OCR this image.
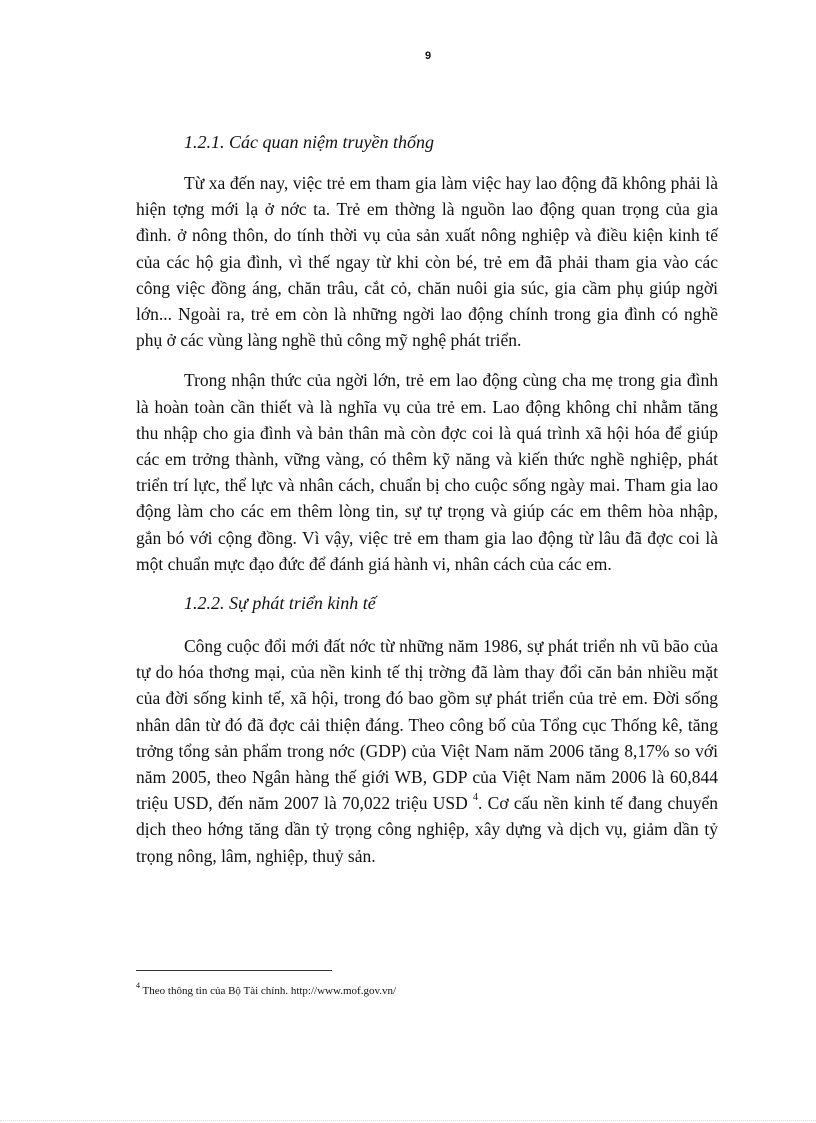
9
1.2.1. Các quan niệm truyền thống

Từ xa đến nay, việc trẻ em tham gia làm việc hay lao động đã không phải là hiện tợng mới lạ ở nớc ta. Trẻ em thờng là nguồn lao động quan trọng của gia đình. ở nông thôn, do tính thời vụ của sản xuất nông nghiệp và điều kiện kinh tế của các hộ gia đình, vì thế ngay từ khi còn bé, trẻ em đã phải tham gia vào các công việc đồng áng, chăn trâu, cắt cỏ, chăn nuôi gia súc, gia cầm phụ giúp ngời lớn... Ngoài ra, trẻ em còn là những ngời lao động chính trong gia đình có nghề phụ ở các vùng làng nghề thủ công mỹ nghệ phát triển.

Trong nhận thức của ngời lớn, trẻ em lao động cùng cha mẹ trong gia đình là hoàn toàn cần thiết và là nghĩa vụ của trẻ em. Lao động không chỉ nhằm tăng thu nhập cho gia đình và bản thân mà còn đợc coi là quá trình xã hội hóa để giúp các em trởng thành, vững vàng, có thêm kỹ năng và kiến thức nghề nghiệp, phát triển trí lực, thể lực và nhân cách, chuẩn bị cho cuộc sống ngày mai. Tham gia lao động làm cho các em thêm lòng tin, sự tự trọng và giúp các em thêm hòa nhập, gắn bó với cộng đồng. Vì vậy, việc trẻ em tham gia lao động từ lâu đã đợc coi là một chuẩn mực đạo đức để đánh giá hành vi, nhân cách của các em.

1.2.2. Sự phát triển kinh tế

Công cuộc đổi mới đất nớc từ những năm 1986, sự phát triển nh vũ bão của tự do hóa thơng mại, của nền kinh tế thị trờng đã làm thay đổi căn bản nhiều mặt của đời sống kinh tế, xã hội, trong đó bao gồm sự phát triển của trẻ em. Đời sống nhân dân từ đó đã đợc cải thiện đáng. Theo công bố của Tổng cục Thống kê, tăng trởng tổng sản phẩm trong nớc (GDP) của Việt Nam năm 2006 tăng 8,17% so với năm 2005, theo Ngân hàng thế giới WB, GDP của Việt Nam năm 2006 là 60,844 triệu USD, đến năm 2007 là 70,022 triệu USD $^4$. Cơ cấu nền kinh tế đang chuyển dịch theo hớng tăng dần tỷ trọng công nghiệp, xây dựng và dịch vụ, giảm dần tỷ trọng nông, lâm, nghiệp, thuỷ sản.

$^4$ Theo thông tin của Bộ Tài chính. http://www.mof.gov.vn/
